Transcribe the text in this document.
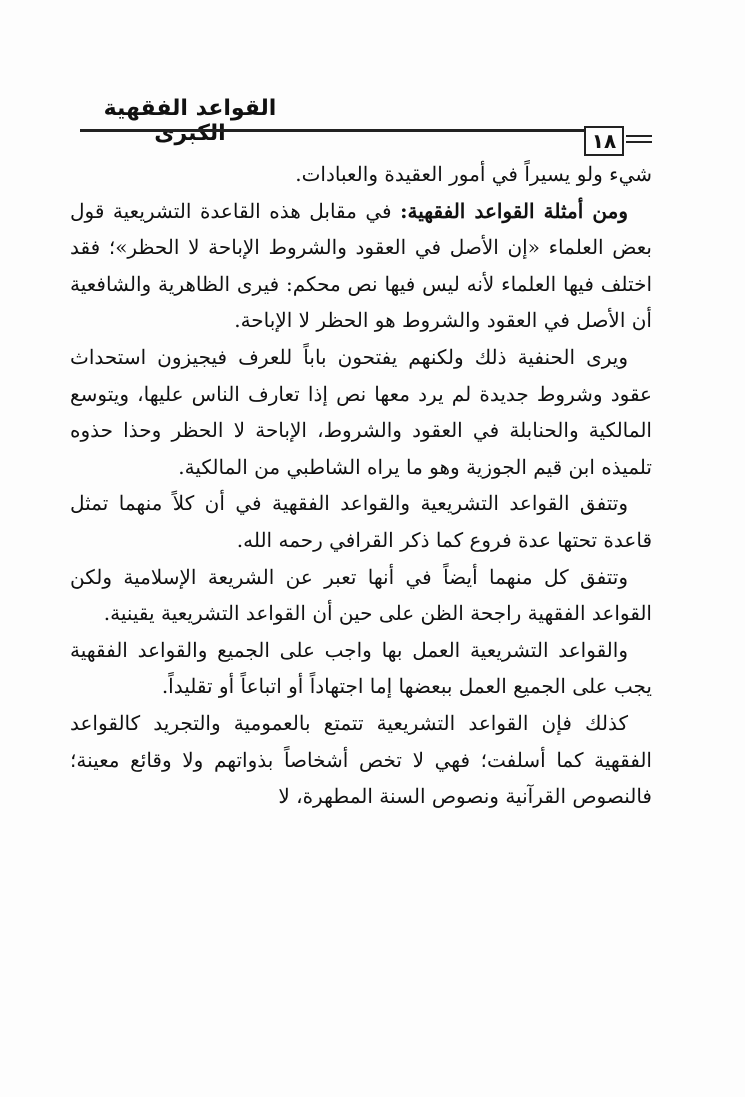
القواعد الفقهية الكبرى	١٨

شيء ولو يسيراً في أمور العقيدة والعبادات.

ومن أمثلة القواعد الفقهية: في مقابل هذه القاعدة التشريعية قول بعض العلماء «إن الأصل في العقود والشروط الإباحة لا الحظر»؛ فقد اختلف فيها العلماء لأنه ليس فيها نص محكم: فيرى الظاهرية والشافعية أن الأصل في العقود والشروط هو الحظر لا الإباحة.

ويرى الحنفية ذلك ولكنهم يفتحون باباً للعرف فيجيزون استحداث عقود وشروط جديدة لم يرد معها نص إذا تعارف الناس عليها، ويتوسع المالكية والحنابلة في العقود والشروط، الإباحة لا الحظر وحذا حذوه تلميذه ابن قيم الجوزية وهو ما يراه الشاطبي من المالكية.

وتتفق القواعد التشريعية والقواعد الفقهية في أن كلاً منهما تمثل قاعدة تحتها عدة فروع كما ذكر القرافي رحمه الله.

وتتفق كل منهما أيضاً في أنها تعبر عن الشريعة الإسلامية ولكن القواعد الفقهية راجحة الظن على حين أن القواعد التشريعية يقينية.

والقواعد التشريعية العمل بها واجب على الجميع والقواعد الفقهية يجب على الجميع العمل ببعضها إما اجتهاداً أو اتباعاً أو تقليداً.

كذلك فإن القواعد التشريعية تتمتع بالعمومية والتجريد كالقواعد الفقهية كما أسلفت؛ فهي لا تخص أشخاصاً بذواتهم ولا وقائع معينة؛ فالنصوص القرآنية ونصوص السنة المطهرة، لا
